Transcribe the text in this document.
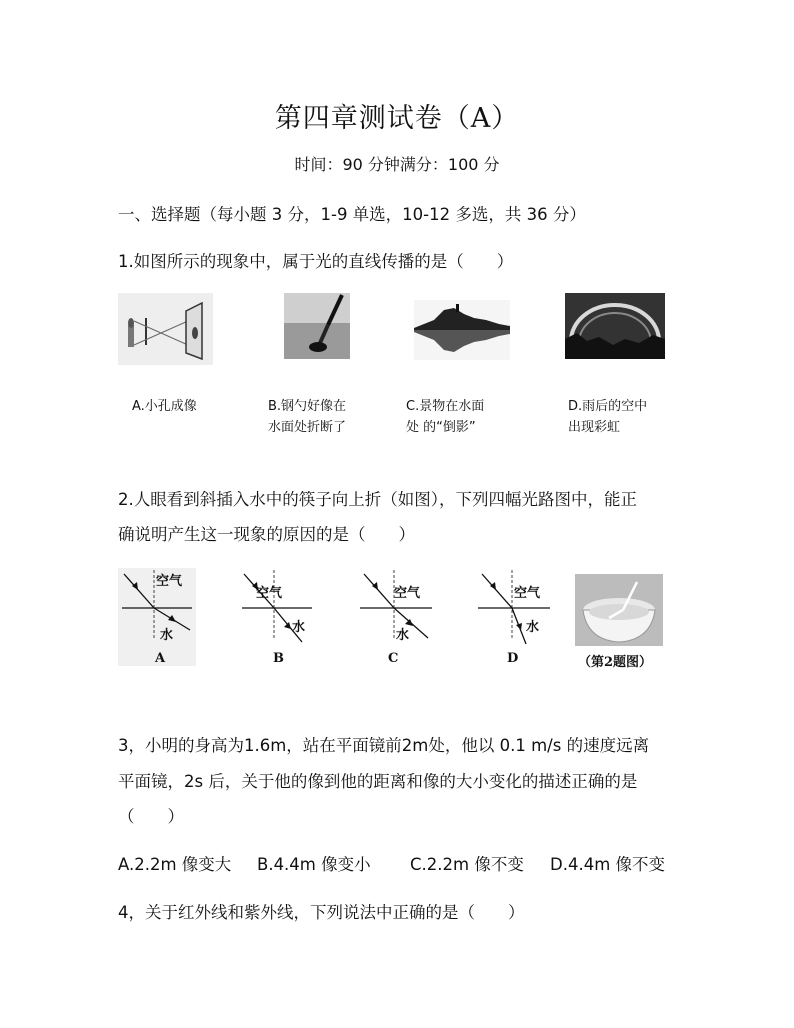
第四章测试卷（A）
时间：90 分钟满分：100 分
一、选择题（每小题 3 分，1-9 单选，10-12 多选，共 36 分）
1.如图所示的现象中，属于光的直线传播的是（　　）
A.小孔成像	B.钢勺好像在
水面处折断了
C.景物在水面
处 的“倒影”
D.雨后的空中
出现彩虹
2.人眼看到斜插入水中的筷子向上折（如图），下列四幅光路图中，能正
确说明产生这一现象的原因的是（　　）
空气
水
A
空气
水
B
空气
水
C
空气
水
D	（第2题图）
3，小明的身高为1.6m，站在平面镜前2m处，他以 0.1 m/s 的速度远离
平面镜，2s 后，关于他的像到他的距离和像的大小变化的描述正确的是
（　　）
A.2.2m 像变大 B.4.4m 像变小 C.2.2m 像不变 D.4.4m 像不变
4，关于红外线和紫外线，下列说法中正确的是（　　）
